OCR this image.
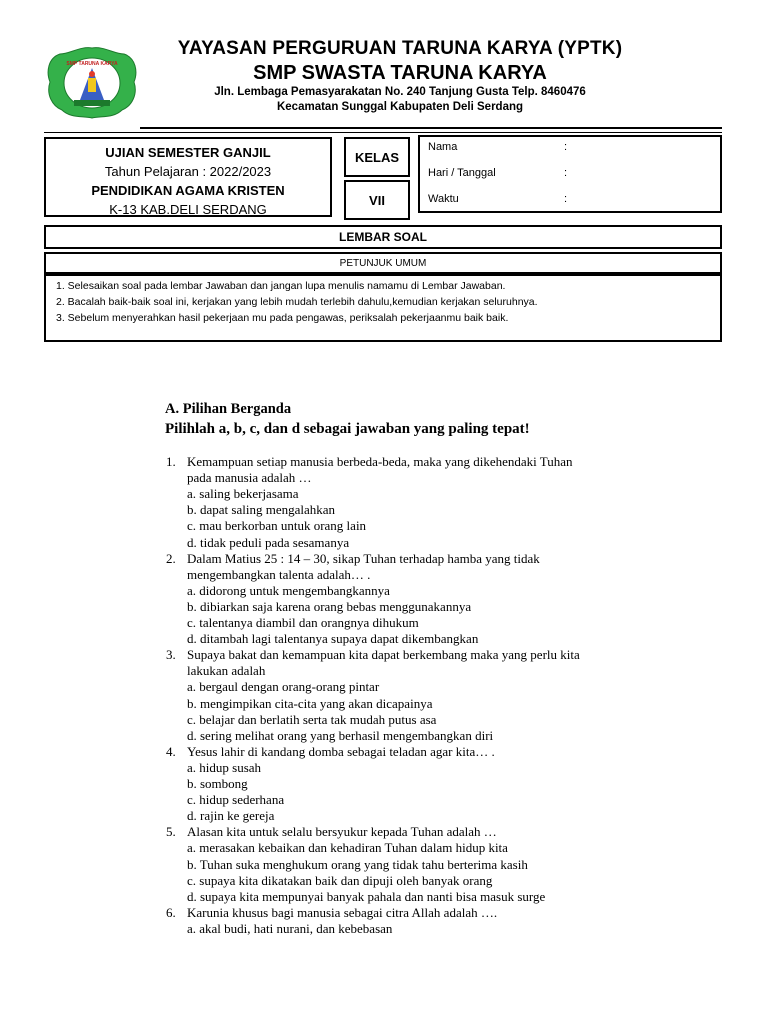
SMP TARUNA KARYA
YAYASAN PERGURUAN TARUNA KARYA (YPTK)
SMP SWASTA TARUNA KARYA
Jln. Lembaga Pemasyarakatan No. 240 Tanjung Gusta Telp. 8460476
Kecamatan Sunggal Kabupaten Deli Serdang
UJIAN SEMESTER GANJIL
Tahun Pelajaran : 2022/2023
PENDIDIKAN AGAMA KRISTEN
K-13 KAB.DELI SERDANG
KELAS
VII
Nama	:
Hari / Tanggal	:
Waktu	:
LEMBAR SOAL
PETUNJUK UMUM
1. Selesaikan soal pada lembar Jawaban dan jangan lupa menulis namamu di Lembar Jawaban.
2. Bacalah baik-baik soal ini, kerjakan yang lebih mudah terlebih dahulu,kemudian kerjakan seluruhnya.
3. Sebelum menyerahkan hasil pekerjaan mu pada pengawas, periksalah pekerjaanmu baik baik.
A. Pilihan Berganda
Pilihlah a, b, c, dan d sebagai jawaban yang paling tepat!
1. Kemampuan setiap manusia berbeda-beda, maka yang dikehendaki Tuhan
pada manusia adalah …
a. saling bekerjasama
b. dapat saling mengalahkan
c. mau berkorban untuk orang lain
d. tidak peduli pada sesamanya
2. Dalam Matius 25 : 14 – 30, sikap Tuhan terhadap hamba yang tidak
mengembangkan talenta adalah… .
a. didorong untuk mengembangkannya
b. dibiarkan saja karena orang bebas menggunakannya
c. talentanya diambil dan orangnya dihukum
d. ditambah lagi talentanya supaya dapat dikembangkan
3. Supaya bakat dan kemampuan kita dapat berkembang maka yang perlu kita
lakukan adalah
a. bergaul dengan orang-orang pintar
b. mengimpikan cita-cita yang akan dicapainya
c. belajar dan berlatih serta tak mudah putus asa
d. sering melihat orang yang berhasil mengembangkan diri
4. Yesus lahir di kandang domba sebagai teladan agar kita… .
a. hidup susah
b. sombong
c. hidup sederhana
d. rajin ke gereja
5. Alasan kita untuk selalu bersyukur kepada Tuhan adalah …
a. merasakan kebaikan dan kehadiran Tuhan dalam hidup kita
b. Tuhan suka menghukum orang yang tidak tahu berterima kasih
c. supaya kita dikatakan baik dan dipuji oleh banyak orang
d. supaya kita mempunyai banyak pahala dan nanti bisa masuk surge
6. Karunia khusus bagi manusia sebagai citra Allah adalah ….
a. akal budi, hati nurani, dan kebebasan
